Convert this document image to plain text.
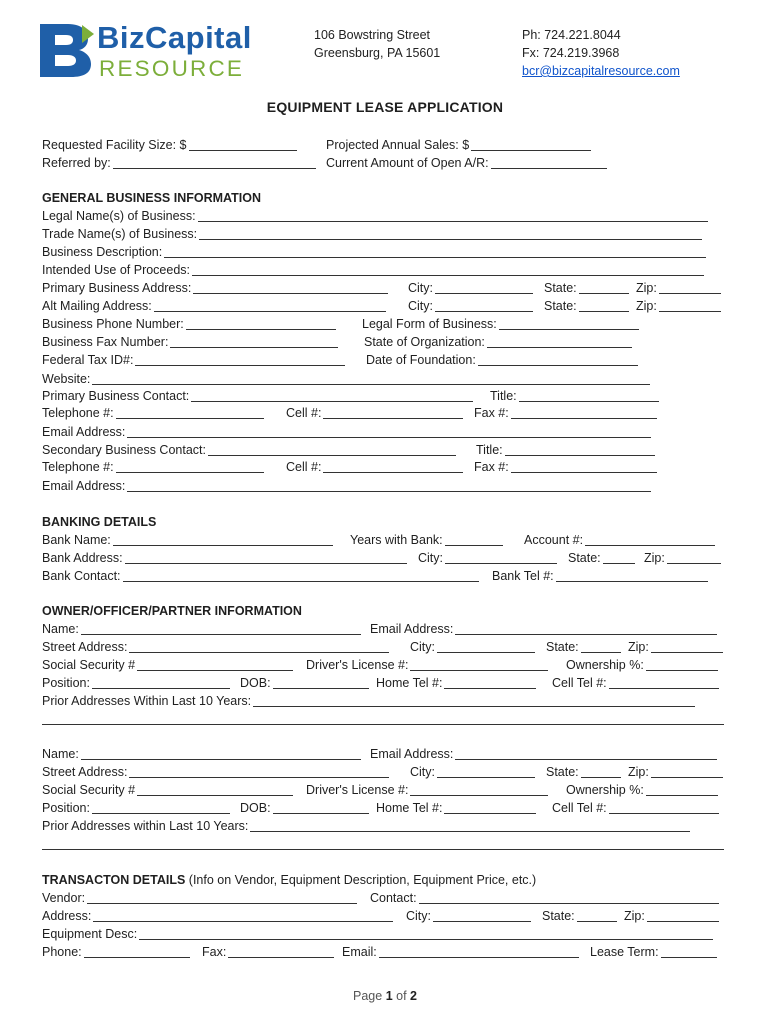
BizCapital
RESOURCE
106 Bowstring Street
Greensburg, PA 15601
Ph: 724.221.8044
Fx: 724.219.3968
bcr@bizcapitalresource.com
EQUIPMENT LEASE APPLICATION
Requested Facility Size: $	Projected Annual Sales: $
Referred by:	Current Amount of Open A/R:
GENERAL BUSINESS INFORMATION
Legal Name(s) of Business:
Trade Name(s) of Business:
Business Description:
Intended Use of Proceeds:
Primary Business Address:	City:	State:	Zip:
Alt Mailing Address:	City:	State:	Zip:
Business Phone Number:	Legal Form of Business:
Business Fax Number:	State of Organization:
Federal Tax ID#:	Date of Foundation:
Website:
Primary Business Contact:	Title:
Telephone #:	Cell #:	Fax #:
Email Address:
Secondary Business Contact:	Title:
Telephone #:	Cell #:	Fax #:
Email Address:
BANKING DETAILS
Bank Name:	Years with Bank:	Account #:
Bank Address:	City:	State:	Zip:
Bank Contact:	Bank Tel #:
OWNER/OFFICER/PARTNER INFORMATION
Name:	Email Address:
Street Address:	City:	State:	Zip:
Social Security #	Driver's License #:	Ownership %:
Position:	DOB:	Home Tel #:	Cell Tel #:
Prior Addresses Within Last 10 Years:
Name:	Email Address:
Street Address:	City:	State:	Zip:
Social Security #	Driver's License #:	Ownership %:
Position:	DOB:	Home Tel #:	Cell Tel #:
Prior Addresses within Last 10 Years:
TRANSACTON DETAILS (Info on Vendor, Equipment Description, Equipment Price, etc.)
Vendor:	Contact:
Address:	City:	State:	Zip:
Equipment Desc:
Phone:	Fax:	Email:	Lease Term:
Page 1 of 2
